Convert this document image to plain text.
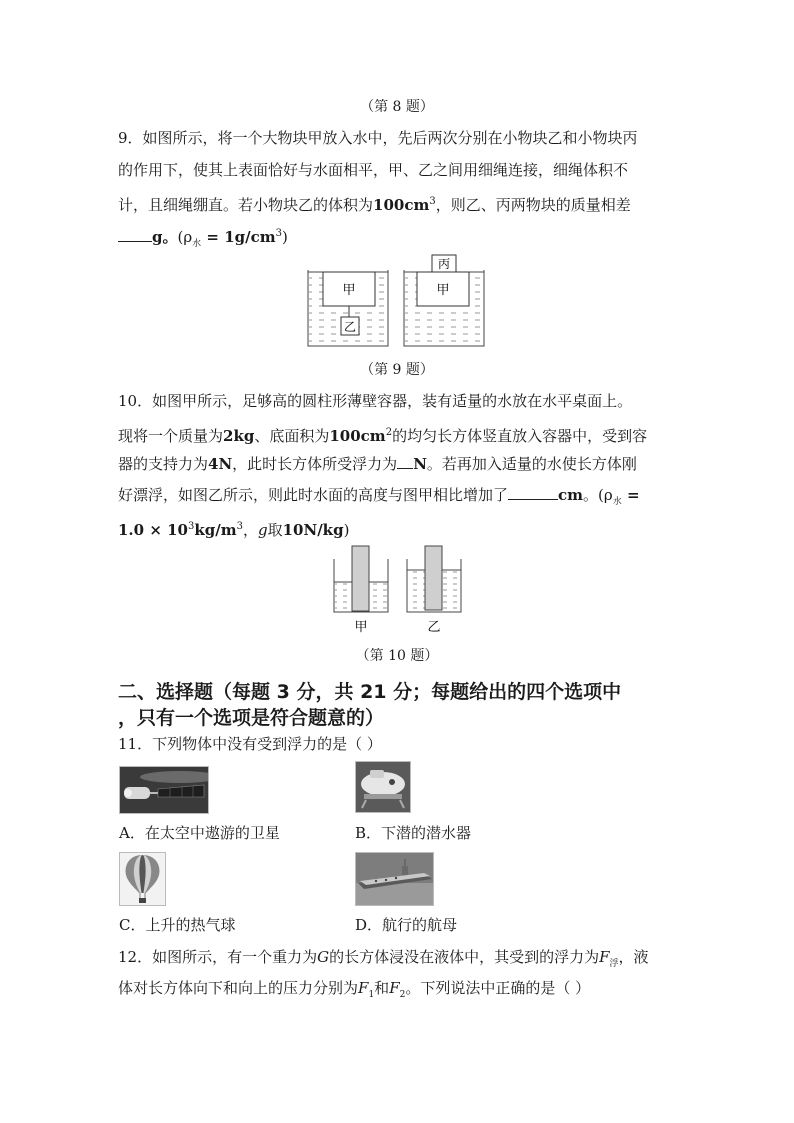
（第 8 题）

9．如图所示，将一个大物块甲放入水中，先后两次分别在小物块乙和小物块丙

的作用下，使其上表面恰好与水面相平，甲、乙之间用细绳连接，细绳体积不

计，且细绳绷直。若小物块乙的体积为$100cm^3$，则乙、丙两物块的质量相差

g。$(\rho_水 = 1g/cm^3)$

甲
乙
甲
丙
（第 9 题）

10．如图甲所示，足够高的圆柱形薄壁容器，装有适量的水放在水平桌面上。

现将一个质量为2kg、底面积为$100cm^2$的均匀长方体竖直放入容器中，受到容

器的支持力为4N，此时长方体所受浮力为 N。若再加入适量的水使长方体刚

好漂浮，如图乙所示，则此时水面的高度与图甲相比增加了	cm。($\rho_水$ =

$1.0 \times 10^3kg/m^3$，g取10N/kg)

甲	乙
（第 10 题）

二、选择题（每题 3 分，共 21 分；每题给出的四个选项中

，只有一个选项是符合题意的）

11．下列物体中没有受到浮力的是（ ）

A．在太空中遨游的卫星	B．下潜的潜水器
C．上升的热气球	D．航行的航母

12．如图所示，有一个重力为G的长方体浸没在液体中，其受到的浮力为$F_浮$，液

体对长方体向下和向上的压力分别为$F_1$和$F_2$。下列说法中正确的是（ ）
